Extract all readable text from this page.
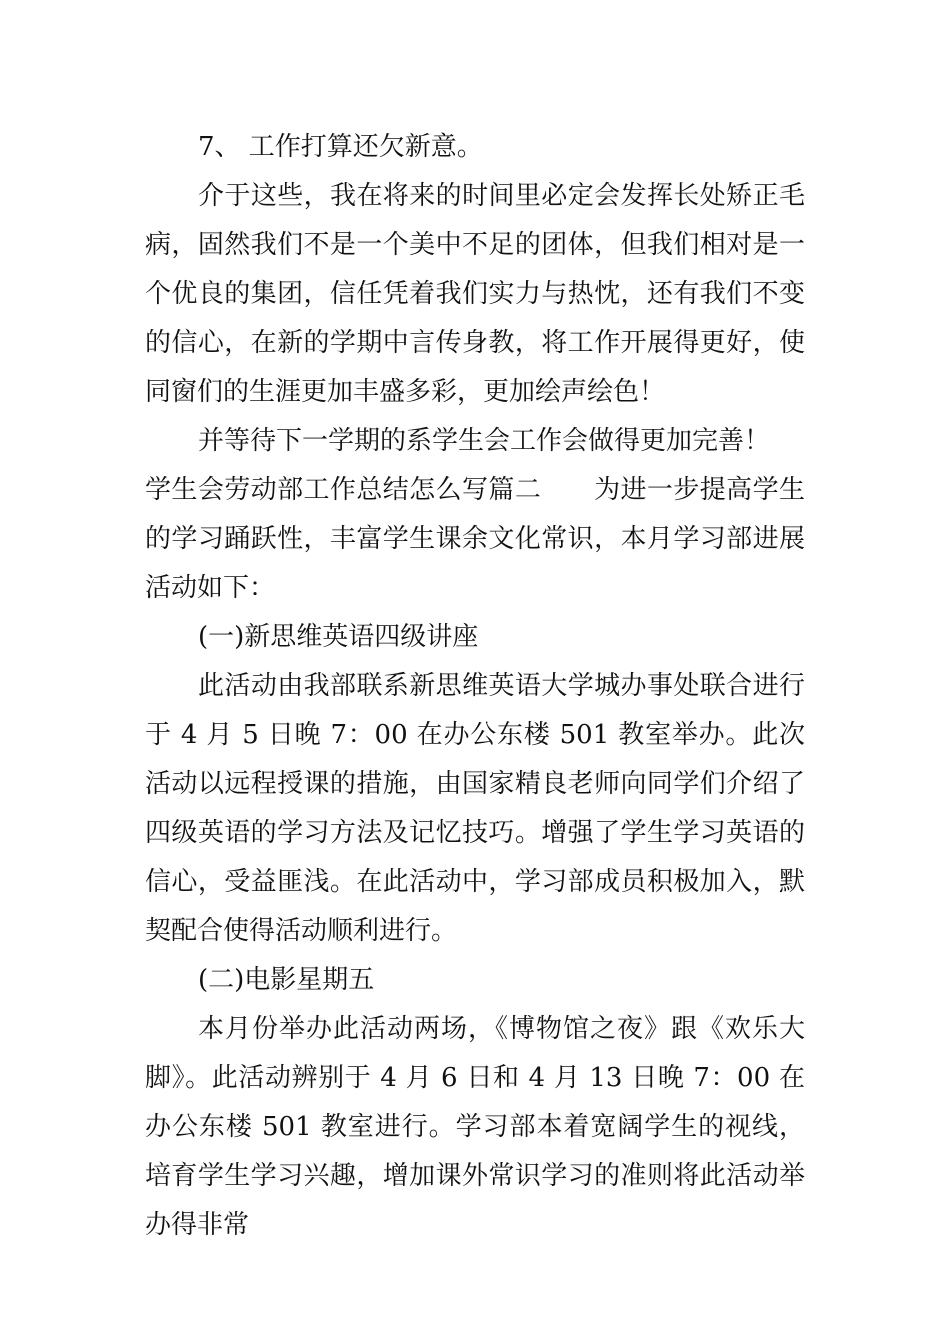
7、 工作打算还欠新意。

介于这些，我在将来的时间里必定会发挥长处矫正毛病，固然我们不是一个美中不足的团体，但我们相对是一个优良的集团，信任凭着我们实力与热忱，还有我们不变的信心，在新的学期中言传身教，将工作开展得更好，使同窗们的生涯更加丰盛多彩，更加绘声绘色！

并等待下一学期的系学生会工作会做得更加完善！

学生会劳动部工作总结怎么写篇二　　为进一步提高学生的学习踊跃性，丰富学生课余文化常识，本月学习部进展活动如下：

(一)新思维英语四级讲座

此活动由我部联系新思维英语大学城办事处联合进行于 4 月 5 日晚 7：00 在办公东楼 501 教室举办。此次活动以远程授课的措施，由国家精良老师向同学们介绍了四级英语的学习方法及记忆技巧。增强了学生学习英语的信心，受益匪浅。在此活动中，学习部成员积极加入，默契配合使得活动顺利进行。

(二)电影星期五

本月份举办此活动两场，《博物馆之夜》跟《欢乐大脚》。此活动辨别于 4 月 6 日和 4 月 13 日晚 7：00 在办公东楼 501 教室进行。学习部本着宽阔学生的视线，培育学生学习兴趣，增加课外常识学习的准则将此活动举办得非常
